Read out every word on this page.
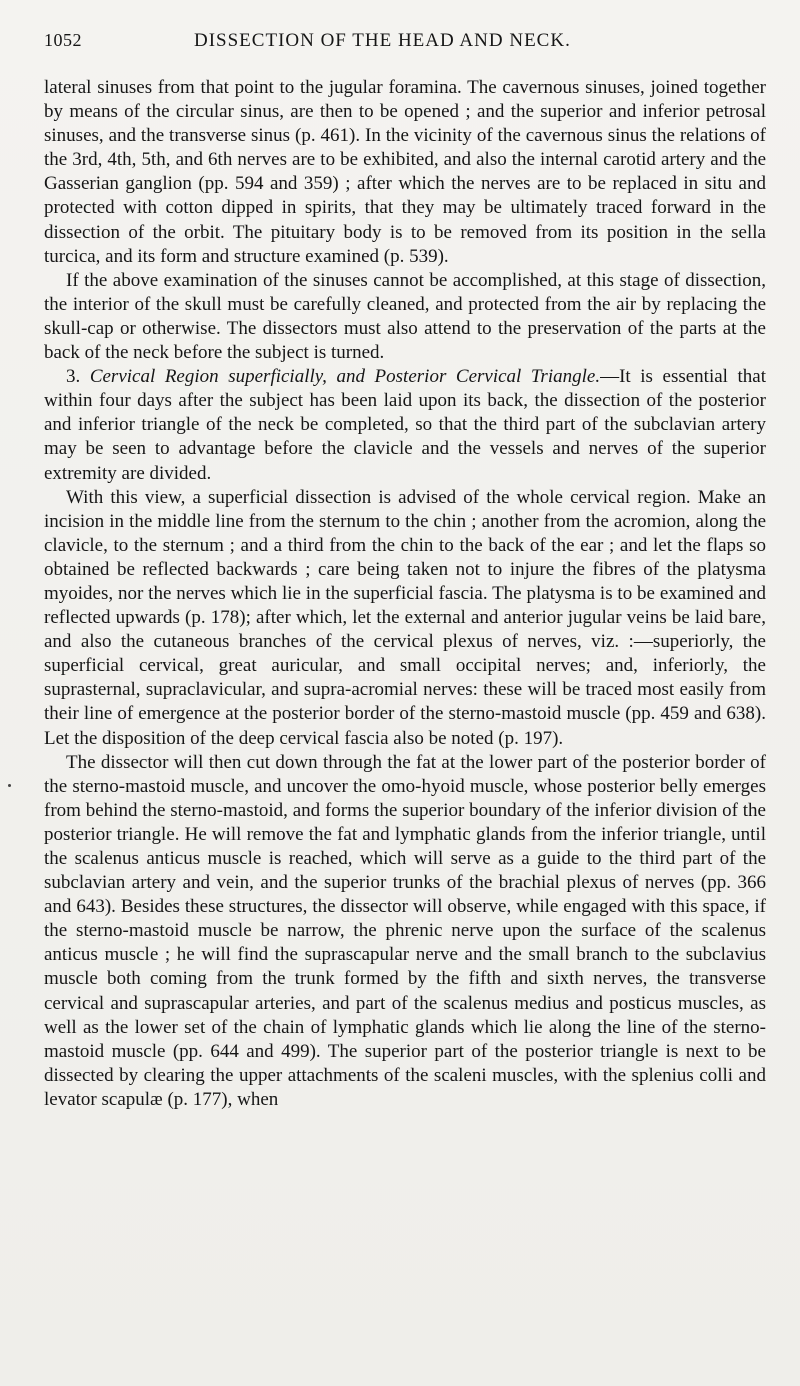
1052	DISSECTION OF THE HEAD AND NECK.

lateral sinuses from that point to the jugular foramina. The cavernous sinuses, joined together by means of the circular sinus, are then to be opened ; and the superior and inferior petrosal sinuses, and the transverse sinus (p. 461). In the vicinity of the cavernous sinus the relations of the 3rd, 4th, 5th, and 6th nerves are to be exhibited, and also the internal carotid artery and the Gasserian ganglion (pp. 594 and 359) ; after which the nerves are to be replaced in situ and protected with cotton dipped in spirits, that they may be ultimately traced forward in the dissection of the orbit. The pituitary body is to be removed from its position in the sella turcica, and its form and structure examined (p. 539).

If the above examination of the sinuses cannot be accomplished, at this stage of dissection, the interior of the skull must be carefully cleaned, and protected from the air by replacing the skull-cap or otherwise. The dissectors must also attend to the preservation of the parts at the back of the neck before the subject is turned.

3. Cervical Region superficially, and Posterior Cervical Triangle.—It is essential that within four days after the subject has been laid upon its back, the dissection of the posterior and inferior triangle of the neck be completed, so that the third part of the subclavian artery may be seen to advantage before the clavicle and the vessels and nerves of the superior extremity are divided.

With this view, a superficial dissection is advised of the whole cervical region. Make an incision in the middle line from the sternum to the chin ; another from the acromion, along the clavicle, to the sternum ; and a third from the chin to the back of the ear ; and let the flaps so obtained be reflected backwards ; care being taken not to injure the fibres of the platysma myoides, nor the nerves which lie in the superficial fascia. The platysma is to be examined and reflected upwards (p. 178); after which, let the external and anterior jugular veins be laid bare, and also the cutaneous branches of the cervical plexus of nerves, viz. :—superiorly, the superficial cervical, great auricular, and small occipital nerves; and, inferiorly, the suprasternal, supraclavicular, and supra-acromial nerves: these will be traced most easily from their line of emergence at the posterior border of the sterno-mastoid muscle (pp. 459 and 638). Let the disposition of the deep cervical fascia also be noted (p. 197).

The dissector will then cut down through the fat at the lower part of the posterior border of the sterno-mastoid muscle, and uncover the omo-hyoid muscle, whose posterior belly emerges from behind the sterno-mastoid, and forms the superior boundary of the inferior division of the posterior triangle. He will remove the fat and lymphatic glands from the inferior triangle, until the scalenus anticus muscle is reached, which will serve as a guide to the third part of the subclavian artery and vein, and the superior trunks of the brachial plexus of nerves (pp. 366 and 643). Besides these structures, the dissector will observe, while engaged with this space, if the sterno-mastoid muscle be narrow, the phrenic nerve upon the surface of the scalenus anticus muscle ; he will find the suprascapular nerve and the small branch to the subclavius muscle both coming from the trunk formed by the fifth and sixth nerves, the transverse cervical and suprascapular arteries, and part of the scalenus medius and posticus muscles, as well as the lower set of the chain of lymphatic glands which lie along the line of the sterno-mastoid muscle (pp. 644 and 499). The superior part of the posterior triangle is next to be dissected by clearing the upper attachments of the scaleni muscles, with the splenius colli and levator scapulæ (p. 177), when
